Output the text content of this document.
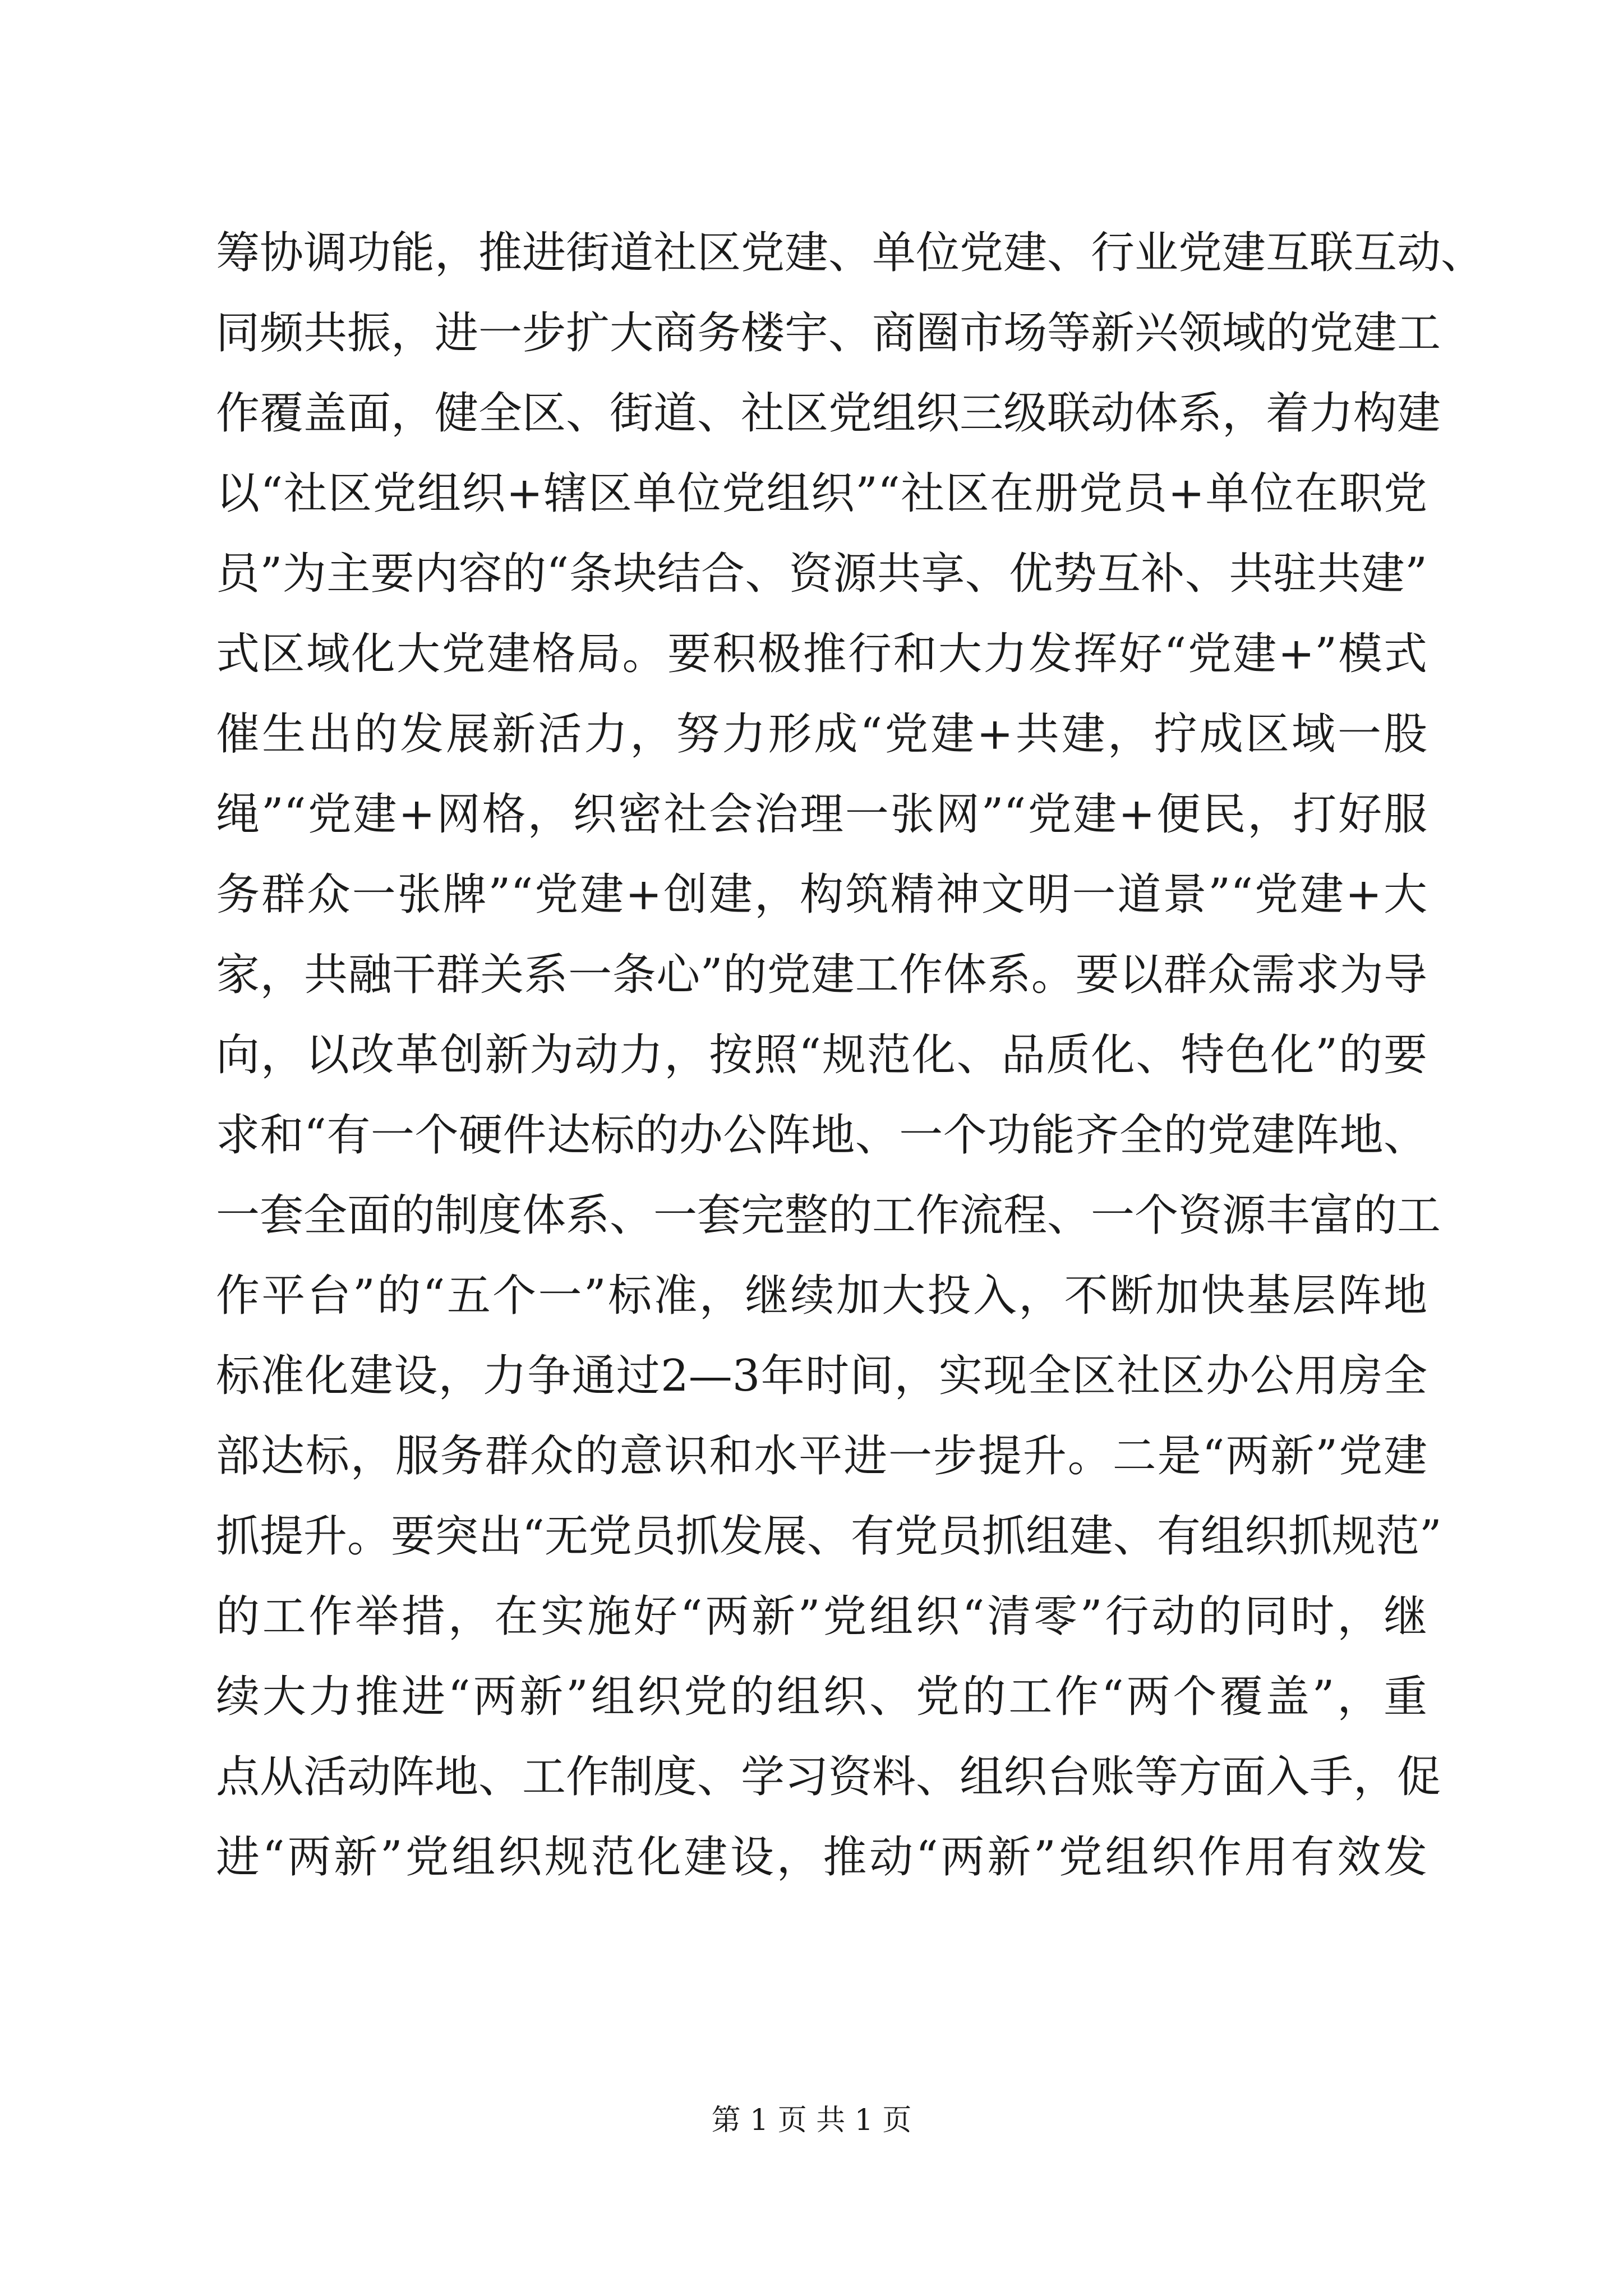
筹协调功能，推进街道社区党建、单位党建、行业党建互联互动、
同频共振，进一步扩大商务楼宇、商圈市场等新兴领域的党建工
作覆盖面，健全区、街道、社区党组织三级联动体系，着力构建
以“社区党组织+辖区单位党组织”“社区在册党员+单位在职党
员”为主要内容的“条块结合、资源共享、优势互补、共驻共建”
式区域化大党建格局。要积极推行和大力发挥好“党建+”模式
催生出的发展新活力，努力形成“党建+共建，拧成区域一股
绳”“党建+网格，织密社会治理一张网”“党建+便民，打好服
务群众一张牌”“党建+创建，构筑精神文明一道景”“党建+大
家，共融干群关系一条心”的党建工作体系。要以群众需求为导
向，以改革创新为动力，按照“规范化、品质化、特色化”的要
求和“有一个硬件达标的办公阵地、一个功能齐全的党建阵地、
一套全面的制度体系、一套完整的工作流程、一个资源丰富的工
作平台”的“五个一”标准，继续加大投入，不断加快基层阵地
标准化建设，力争通过2—3年时间，实现全区社区办公用房全
部达标，服务群众的意识和水平进一步提升。二是“两新”党建
抓提升。要突出“无党员抓发展、有党员抓组建、有组织抓规范”
的工作举措，在实施好“两新”党组织“清零”行动的同时，继
续大力推进“两新”组织党的组织、党的工作“两个覆盖”，重
点从活动阵地、工作制度、学习资料、组织台账等方面入手，促
进“两新”党组织规范化建设，推动“两新”党组织作用有效发
第 1 页 共 1 页
